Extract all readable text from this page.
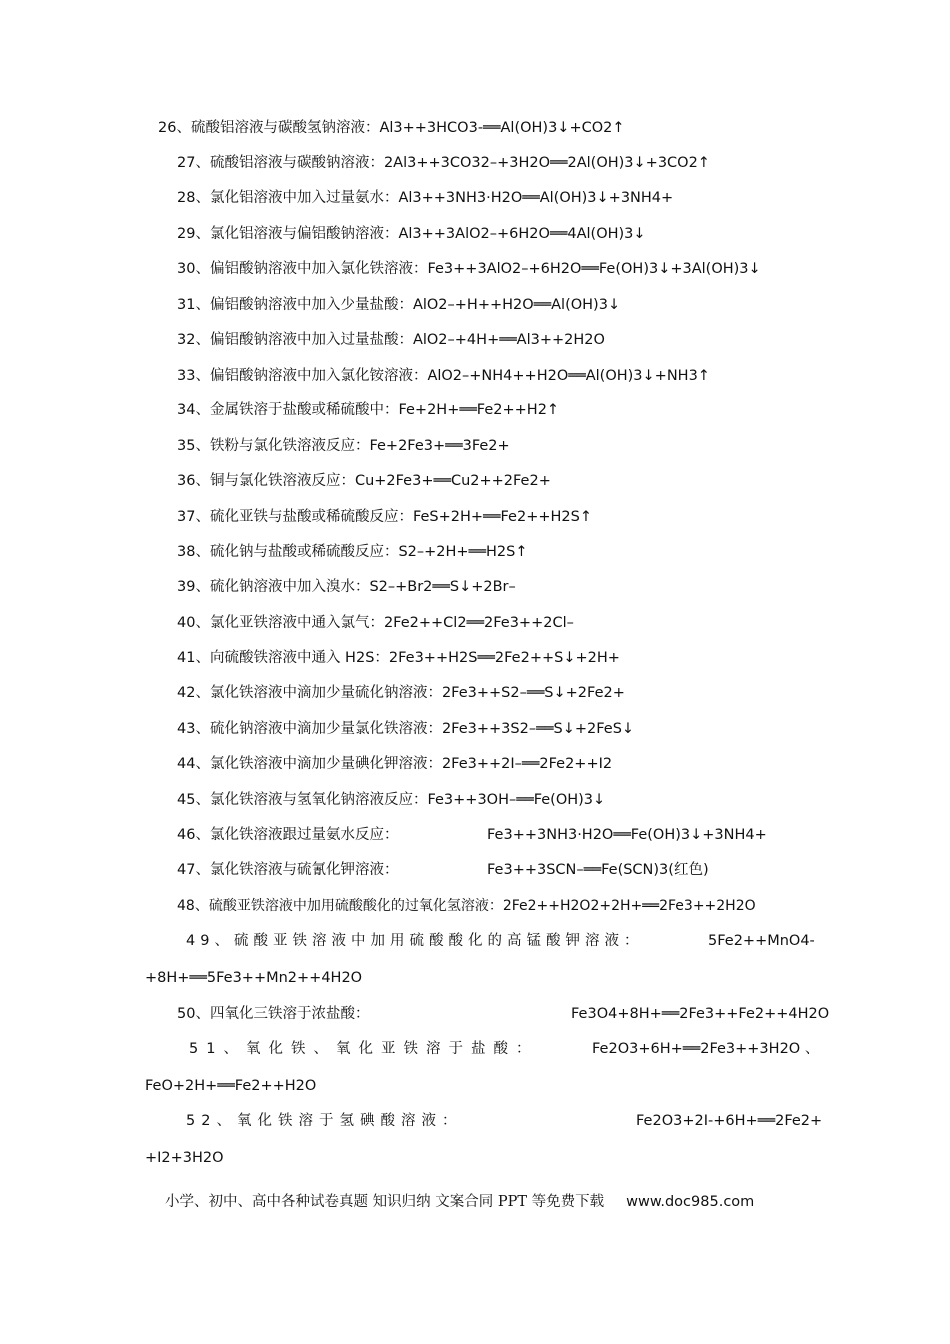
26、硫酸铝溶液与碳酸氢钠溶液：Al3++3HCO3-══Al(OH)3↓+CO2↑
27、硫酸铝溶液与碳酸钠溶液：2Al3++3CO32–+3H2O══2Al(OH)3↓+3CO2↑
28、氯化铝溶液中加入过量氨水：Al3++3NH3·H2O══Al(OH)3↓+3NH4+
29、氯化铝溶液与偏铝酸钠溶液：Al3++3AlO2–+6H2O══4Al(OH)3↓
30、偏铝酸钠溶液中加入氯化铁溶液：Fe3++3AlO2–+6H2O══Fe(OH)3↓+3Al(OH)3↓
31、偏铝酸钠溶液中加入少量盐酸：AlO2–+H++H2O══Al(OH)3↓
32、偏铝酸钠溶液中加入过量盐酸：AlO2–+4H+══Al3++2H2O
33、偏铝酸钠溶液中加入氯化铵溶液：AlO2–+NH4++H2O══Al(OH)3↓+NH3↑
34、金属铁溶于盐酸或稀硫酸中：Fe+2H+══Fe2++H2↑
35、铁粉与氯化铁溶液反应：Fe+2Fe3+══3Fe2+
36、铜与氯化铁溶液反应：Cu+2Fe3+══Cu2++2Fe2+
37、硫化亚铁与盐酸或稀硫酸反应：FeS+2H+══Fe2++H2S↑
38、硫化钠与盐酸或稀硫酸反应：S2–+2H+══H2S↑
39、硫化钠溶液中加入溴水：S2–+Br2══S↓+2Br–
40、氯化亚铁溶液中通入氯气：2Fe2++Cl2══2Fe3++2Cl–
41、向硫酸铁溶液中通入 H2S：2Fe3++H2S══2Fe2++S↓+2H+
42、氯化铁溶液中滴加少量硫化钠溶液：2Fe3++S2–══S↓+2Fe2+
43、硫化钠溶液中滴加少量氯化铁溶液：2Fe3++3S2–══S↓+2FeS↓
44、氯化铁溶液中滴加少量碘化钾溶液：2Fe3++2I–══2Fe2++I2
45、氯化铁溶液与氢氧化钠溶液反应：Fe3++3OH–══Fe(OH)3↓
46、氯化铁溶液跟过量氨水反应：	Fe3++3NH3·H2O══Fe(OH)3↓+3NH4+
47、氯化铁溶液与硫氰化钾溶液：	Fe3++3SCN–══Fe(SCN)3(红色)
48、硫酸亚铁溶液中加用硫酸酸化的过氧化氢溶液：2Fe2++H2O2+2H+══2Fe3++2H2O
49、硫酸亚铁溶液中加用硫酸酸化的高锰酸钾溶液：	5Fe2++MnO4-
+8H+══5Fe3++Mn2++4H2O
50、四氧化三铁溶于浓盐酸：	Fe3O4+8H+══2Fe3++Fe2++4H2O
51、氧化铁、氧化亚铁溶于盐酸：	Fe2O3+6H+══2Fe3++3H2O 、
FeO+2H+══Fe2++H2O
52、氧化铁溶于氢碘酸溶液：	Fe2O3+2I-+6H+══2Fe2+
+I2+3H2O
小学、初中、高中各种试卷真题 知识归纳 文案合同 PPT 等免费下载 www.doc985.com
